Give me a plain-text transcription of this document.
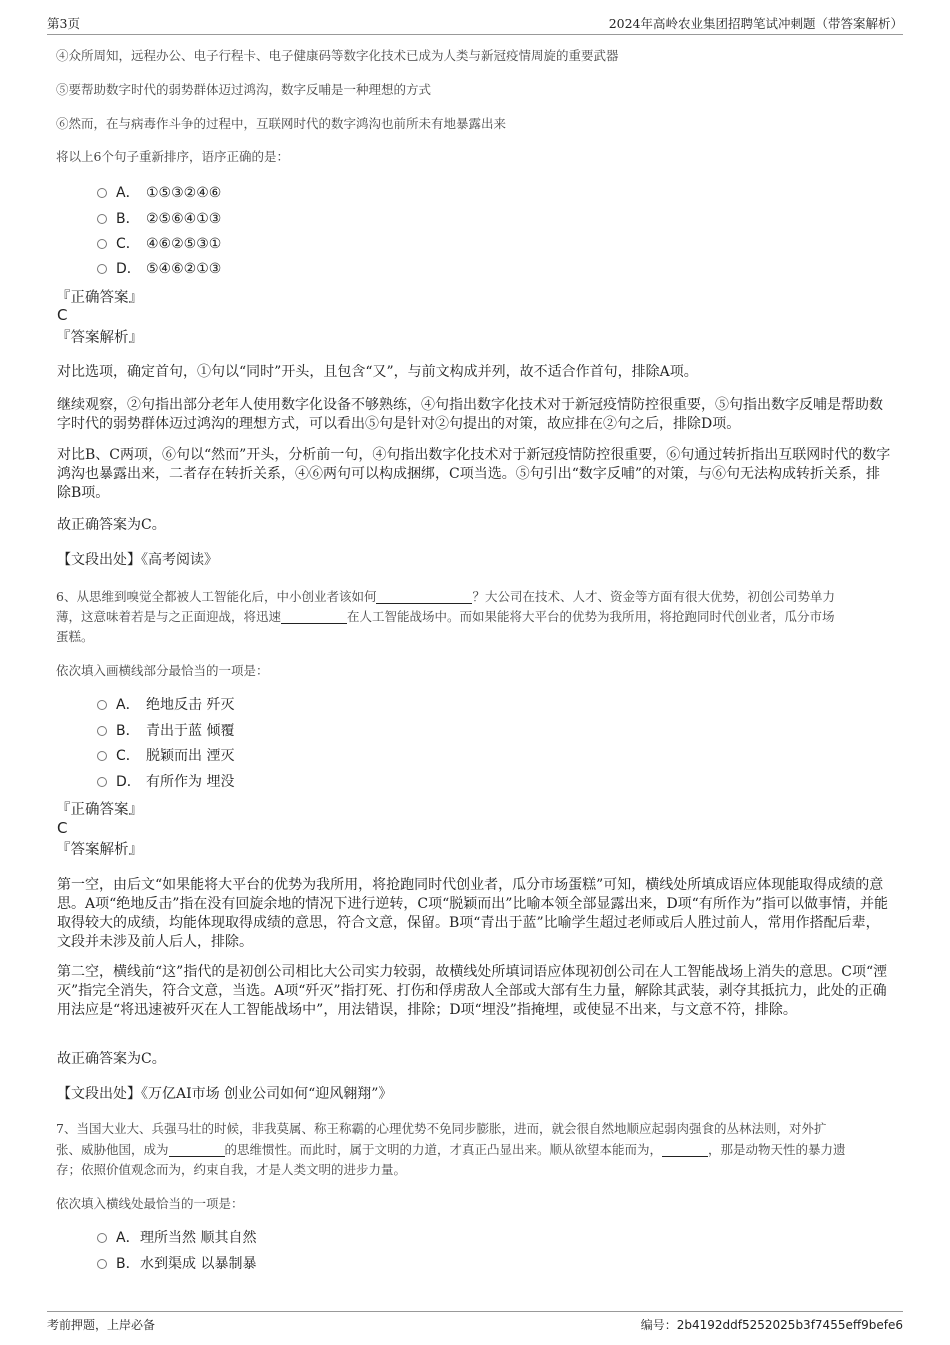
第3页	2024年高岭农业集团招聘笔试冲刺题（带答案解析）

④众所周知，远程办公、电子行程卡、电子健康码等数字化技术已成为人类与新冠疫情周旋的重要武器

⑤要帮助数字时代的弱势群体迈过鸿沟，数字反哺是一种理想的方式

⑥然而，在与病毒作斗争的过程中，互联网时代的数字鸿沟也前所未有地暴露出来

将以上6个句子重新排序，语序正确的是：

A． ①⑤③②④⑥
B． ②⑤⑥④①③
C． ④⑥②⑤③①
D． ⑤④⑥②①③
『正确答案』
C
『答案解析』

对比选项，确定首句，①句以“同时”开头，且包含“又”，与前文构成并列，故不适合作首句，排除A项。

继续观察，②句指出部分老年人使用数字化设备不够熟练，④句指出数字化技术对于新冠疫情防控很重要，⑤句指出数字反哺是帮助数字时代的弱势群体迈过鸿沟的理想方式，可以看出⑤句是针对②句提出的对策，故应排在②句之后，排除D项。

对比B、C两项，⑥句以“然而”开头，分析前一句，④句指出数字化技术对于新冠疫情防控很重要，⑥句通过转折指出互联网时代的数字鸿沟也暴露出来，二者存在转折关系，④⑥两句可以构成捆绑，C项当选。⑤句引出“数字反哺”的对策，与⑥句无法构成转折关系，排除B项。

故正确答案为C。

【文段出处】《高考阅读》

6、从思维到嗅觉全都被人工智能化后，中小创业者该如何	？大公司在技术、人才、资金等方面有很大优势，初创公司势单力

薄，这意味着若是与之正面迎战，将迅速	在人工智能战场中。而如果能将大平台的优势为我所用，将抢跑同时代创业者，瓜分市场

蛋糕。

依次填入画横线部分最恰当的一项是：

A． 绝地反击 歼灭
B． 青出于蓝 倾覆
C． 脱颖而出 湮灭
D． 有所作为 埋没
『正确答案』
C
『答案解析』

第一空，由后文“如果能将大平台的优势为我所用，将抢跑同时代创业者，瓜分市场蛋糕”可知，横线处所填成语应体现能取得成绩的意思。A项“绝地反击”指在没有回旋余地的情况下进行逆转，C项“脱颖而出”比喻本领全部显露出来，D项“有所作为”指可以做事情，并能取得较大的成绩，均能体现取得成绩的意思，符合文意，保留。B项“青出于蓝”比喻学生超过老师或后人胜过前人，常用作搭配后辈，文段并未涉及前人后人，排除。

第二空，横线前“这”指代的是初创公司相比大公司实力较弱，故横线处所填词语应体现初创公司在人工智能战场上消失的意思。C项“湮灭”指完全消失，符合文意，当选。A项“歼灭”指打死、打伤和俘虏敌人全部或大部有生力量，解除其武装，剥夺其抵抗力，此处的正确用法应是“将迅速被歼灭在人工智能战场中”，用法错误，排除；D项“埋没”指掩埋，或使显不出来，与文意不符，排除。

故正确答案为C。

【文段出处】《万亿AI市场 创业公司如何“迎风翱翔”》

7、当国大业大、兵强马壮的时候，非我莫属、称王称霸的心理优势不免同步膨胀，进而，就会很自然地顺应起弱肉强食的丛林法则，对外扩

张、威胁他国，成为	的思维惯性。而此时，属于文明的力道，才真正凸显出来。顺从欲望本能而为，	，那是动物天性的暴力遗

存；依照价值观念而为，约束自我，才是人类文明的进步力量。

依次填入横线处最恰当的一项是：

A．理所当然 顺其自然
B．水到渠成 以暴制暴
考前押题，上岸必备	编号：2b4192ddf5252025b3f7455eff9befe6
